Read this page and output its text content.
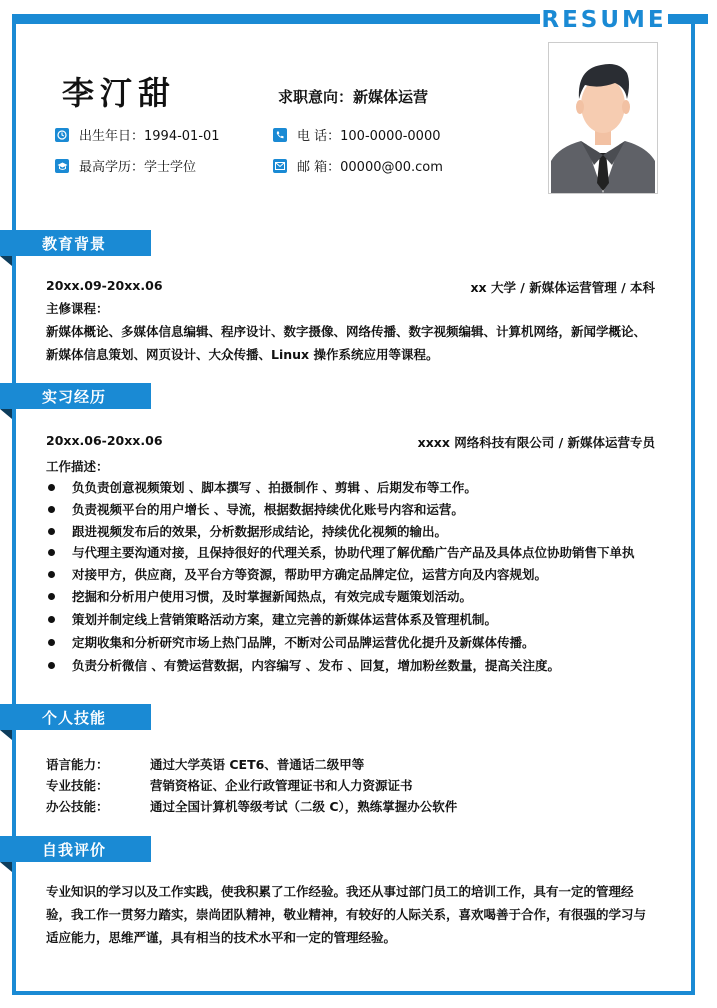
RESUME
李汀甜	求职意向：新媒体运营
出生年日：1994-01-01	电 话：100-0000-0000
最高学历：学士学位	邮 箱：00000@00.com
教育背景
20xx.09-20xx.06	xx 大学 / 新媒体运营管理 / 本科
主修课程：
新媒体概论、多媒体信息编辑、程序设计、数字摄像、网络传播、数字视频编辑、计算机网络，新闻学概论、新媒体信息策划、网页设计、大众传播、Linux 操作系统应用等课程。
实习经历
20xx.06-20xx.06	xxxx 网络科技有限公司 / 新媒体运营专员
工作描述：
负负责创意视频策划 、脚本撰写 、拍摄制作 、剪辑 、后期发布等工作。
负责视频平台的用户增长 、导流，根据数据持续优化账号内容和运营。
跟进视频发布后的效果，分析数据形成结论，持续优化视频的输出。
与代理主要沟通对接，且保持很好的代理关系，协助代理了解优酷广告产品及具体点位协助销售下单执
对接甲方，供应商，及平台方等资源，帮助甲方确定品牌定位，运营方向及内容规划。
挖掘和分析用户使用习惯，及时掌握新闻热点，有效完成专题策划活动。
策划并制定线上营销策略活动方案，建立完善的新媒体运营体系及管理机制。
定期收集和分析研究市场上热门品牌，不断对公司品牌运营优化提升及新媒体传播。
负责分析微信 、有赞运营数据，内容编写 、发布 、回复，增加粉丝数量，提高关注度。
个人技能
语言能力：	通过大学英语 CET6、普通话二级甲等
专业技能：	营销资格证、企业行政管理证书和人力资源证书
办公技能：	通过全国计算机等级考试（二级 C），熟练掌握办公软件
自我评价
专业知识的学习以及工作实践，使我积累了工作经验。我还从事过部门员工的培训工作，具有一定的管理经验，我工作一贯努力踏实，崇尚团队精神，敬业精神，有较好的人际关系，喜欢喝善于合作，有很强的学习与适应能力，思维严谨，具有相当的技术水平和一定的管理经验。
